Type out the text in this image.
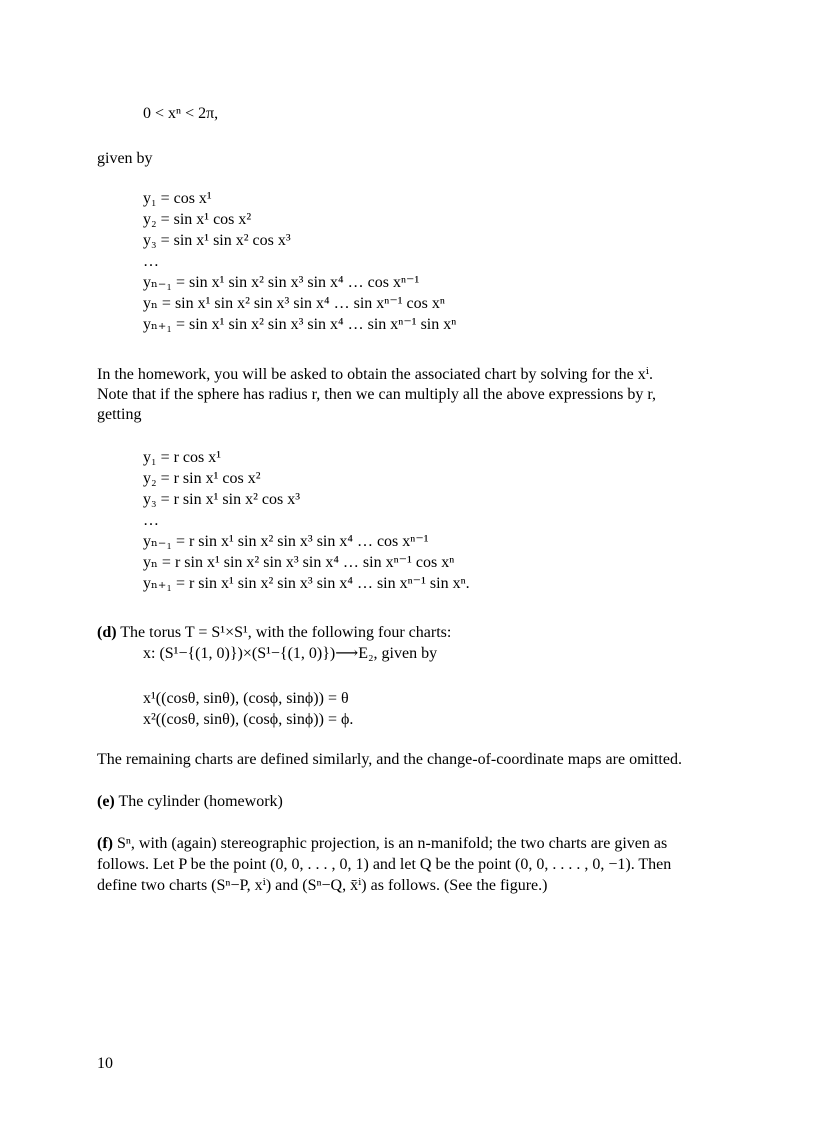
0 < xⁿ < 2π,
given by
y₁ = cos x¹
y₂ = sin x¹ cos x²
y₃ = sin x¹ sin x² cos x³
…
yₙ₋₁ = sin x¹ sin x² sin x³ sin x⁴ … cos xⁿ⁻¹
yₙ = sin x¹ sin x² sin x³ sin x⁴ … sin xⁿ⁻¹ cos xⁿ
yₙ₊₁ = sin x¹ sin x² sin x³ sin x⁴ … sin xⁿ⁻¹ sin xⁿ
In the homework, you will be asked to obtain the associated chart by solving for the xⁱ.
Note that if the sphere has radius r, then we can multiply all the above expressions by r,
getting
y₁ = r cos x¹
y₂ = r sin x¹ cos x²
y₃ = r sin x¹ sin x² cos x³
…
yₙ₋₁ = r sin x¹ sin x² sin x³ sin x⁴ … cos xⁿ⁻¹
yₙ = r sin x¹ sin x² sin x³ sin x⁴ … sin xⁿ⁻¹ cos xⁿ
yₙ₊₁ = r sin x¹ sin x² sin x³ sin x⁴ … sin xⁿ⁻¹ sin xⁿ.
(d) The torus T = S¹×S¹, with the following four charts:
x: (S¹−{(1, 0)})×(S¹−{(1, 0)})⟶E₂, given by
x¹((cosθ, sinθ), (cosϕ, sinϕ)) = θ
x²((cosθ, sinθ), (cosϕ, sinϕ)) = ϕ.
The remaining charts are defined similarly, and the change-of-coordinate maps are omitted.
(e) The cylinder (homework)
(f) Sⁿ, with (again) stereographic projection, is an n-manifold; the two charts are given as
follows. Let P be the point (0, 0, . . . , 0, 1) and let Q be the point (0, 0, . . . . , 0, −1). Then
define two charts (Sⁿ−P, xⁱ) and (Sⁿ−Q, x̄ⁱ) as follows. (See the figure.)
10
